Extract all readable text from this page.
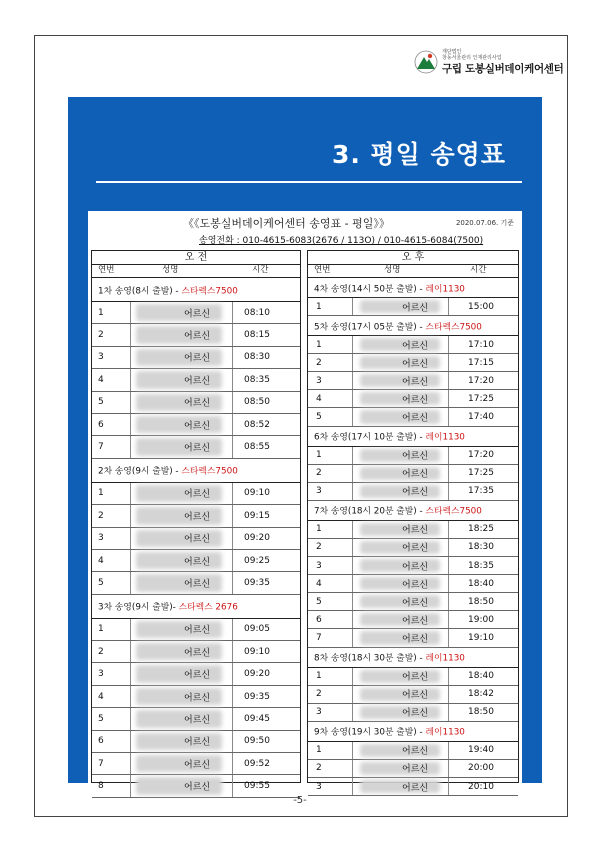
재단법인
창동서울관리 인재관리사업
구립 도봉실버데이케어센터
3. 평일 송영표
《《도봉실버데이케어센터 송영표 - 평일》》	2020.07.06. 기준
송영전화 : 010-4615-6083(2676 / 113O) / 010-4615-6084(7500)
오 전
연번	성명	시간
1차 송영(8시 출발) - 스타렉스7500
1	어르신	08:10
2	어르신	08:15
3	어르신	08:30
4	어르신	08:35
5	어르신	08:50
6	어르신	08:52
7	어르신	08:55
2차 송영(9시 출발) - 스타렉스7500
1	어르신	09:10
2	어르신	09:15
3	어르신	09:20
4	어르신	09:25
5	어르신	09:35
3차 송영(9시 출발)- 스타렉스 2676
1	어르신	09:05
2	어르신	09:10
3	어르신	09:20
4	어르신	09:35
5	어르신	09:45
6	어르신	09:50
7	어르신	09:52
8	어르신	09:55
오 후
연번	성명	시간
4차 송영(14시 50분 출발) - 레이1130
1	어르신	15:00
5차 송영(17시 05분 출발) - 스타렉스7500
1	어르신	17:10
2	어르신	17:15
3	어르신	17:20
4	어르신	17:25
5	어르신	17:40
6차 송영(17시 10분 출발) - 레이1130
1	어르신	17:20
2	어르신	17:25
3	어르신	17:35
7차 송영(18시 20분 출발) - 스타렉스7500
1	어르신	18:25
2	어르신	18:30
3	어르신	18:35
4	어르신	18:40
5	어르신	18:50
6	어르신	19:00
7	어르신	19:10
8차 송영(18시 30분 출발) - 레이1130
1	어르신	18:40
2	어르신	18:42
3	어르신	18:50
9차 송영(19시 30분 출발) - 레이1130
1	어르신	19:40
2	어르신	20:00
3	어르신	20:10
-5-
